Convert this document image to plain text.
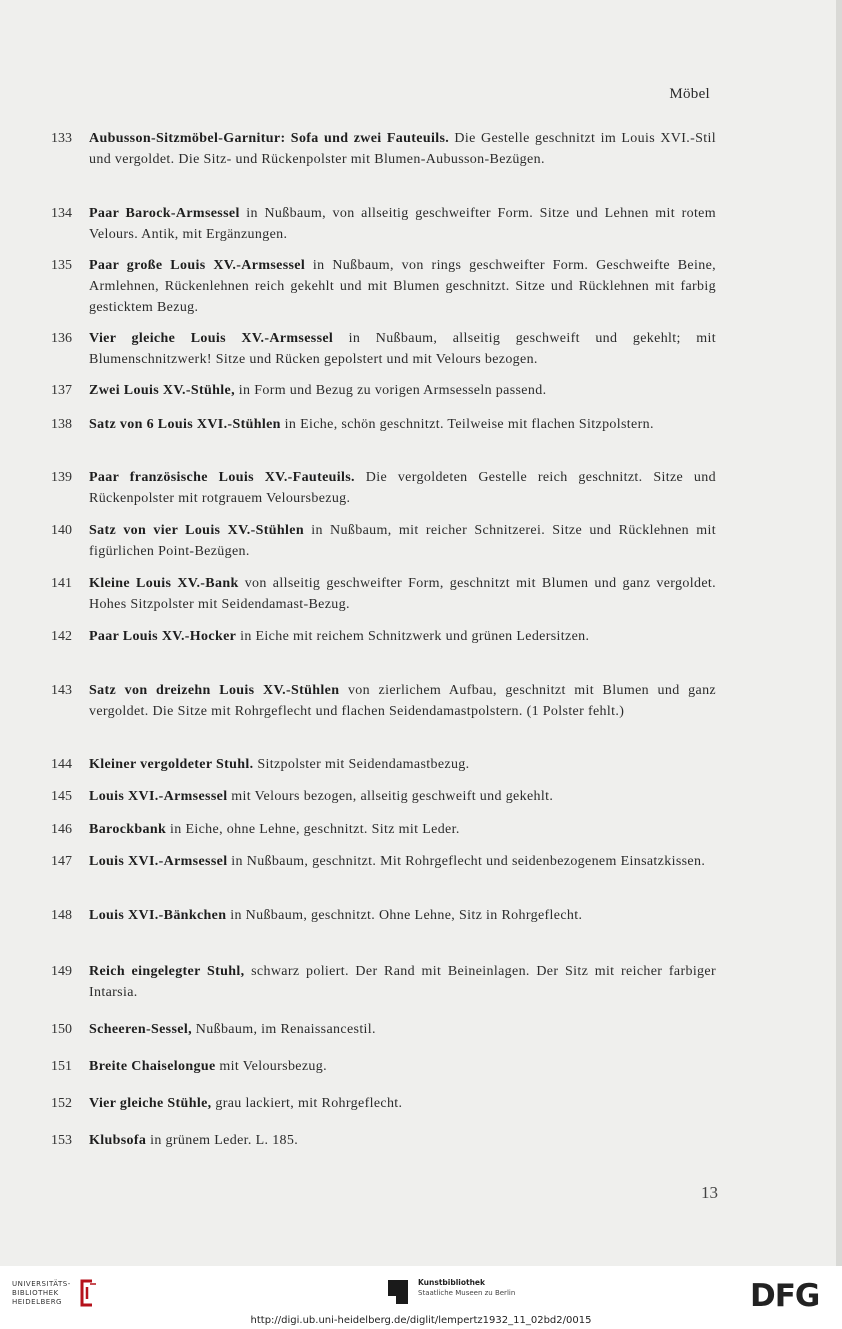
Möbel
133 Aubusson-Sitzmöbel-Garnitur: Sofa und zwei Fauteuils. Die Gestelle geschnitzt im Louis XVI.-Stil und vergoldet. Die Sitz- und Rückenpolster mit Blumen-Aubusson-Bezügen.
134 Paar Barock-Armsessel in Nußbaum, von allseitig geschweifter Form. Sitze und Lehnen mit rotem Velours. Antik, mit Ergänzungen.
135 Paar große Louis XV.-Armsessel in Nußbaum, von rings geschweifter Form. Geschweifte Beine, Armlehnen, Rückenlehnen reich gekehlt und mit Blumen geschnitzt. Sitze und Rücklehnen mit farbig gesticktem Bezug.
136 Vier gleiche Louis XV.-Armsessel in Nußbaum, allseitig geschweift und gekehlt; mit Blumenschnitzwerk! Sitze und Rücken gepolstert und mit Velours bezogen.
137 Zwei Louis XV.-Stühle, in Form und Bezug zu vorigen Armsesseln passend.
138 Satz von 6 Louis XVI.-Stühlen in Eiche, schön geschnitzt. Teilweise mit flachen Sitzpolstern.
139 Paar französische Louis XV.-Fauteuils. Die vergoldeten Gestelle reich geschnitzt. Sitze und Rückenpolster mit rotgrauem Veloursbezug.
140 Satz von vier Louis XV.-Stühlen in Nußbaum, mit reicher Schnitzerei. Sitze und Rücklehnen mit figürlichen Point-Bezügen.
141 Kleine Louis XV.-Bank von allseitig geschweifter Form, geschnitzt mit Blumen und ganz vergoldet. Hohes Sitzpolster mit Seidendamast-Bezug.
142 Paar Louis XV.-Hocker in Eiche mit reichem Schnitzwerk und grünen Ledersitzen.
143 Satz von dreizehn Louis XV.-Stühlen von zierlichem Aufbau, geschnitzt mit Blumen und ganz vergoldet. Die Sitze mit Rohrgeflecht und flachen Seidendamastpolstern. (1 Polster fehlt.)
144 Kleiner vergoldeter Stuhl. Sitzpolster mit Seidendamastbezug.
145 Louis XVI.-Armsessel mit Velours bezogen, allseitig geschweift und gekehlt.
146 Barockbank in Eiche, ohne Lehne, geschnitzt. Sitz mit Leder.
147 Louis XVI.-Armsessel in Nußbaum, geschnitzt. Mit Rohrgeflecht und seidenbezogenem Einsatzkissen.
148 Louis XVI.-Bänkchen in Nußbaum, geschnitzt. Ohne Lehne, Sitz in Rohrgeflecht.
149 Reich eingelegter Stuhl, schwarz poliert. Der Rand mit Beineinlagen. Der Sitz mit reicher farbiger Intarsia.
150 Scheeren-Sessel, Nußbaum, im Renaissancestil.
151 Breite Chaiselongue mit Veloursbezug.
152 Vier gleiche Stühle, grau lackiert, mit Rohrgeflecht.
153 Klubsofa in grünem Leder. L. 185.
13
UNIVERSITÄTS-
BIBLIOTHEK
HEIDELBERG
Kunstbibliothek
Staatliche Museen zu Berlin	DFG
http://digi.ub.uni-heidelberg.de/diglit/lempertz1932_11_02bd2/0015
